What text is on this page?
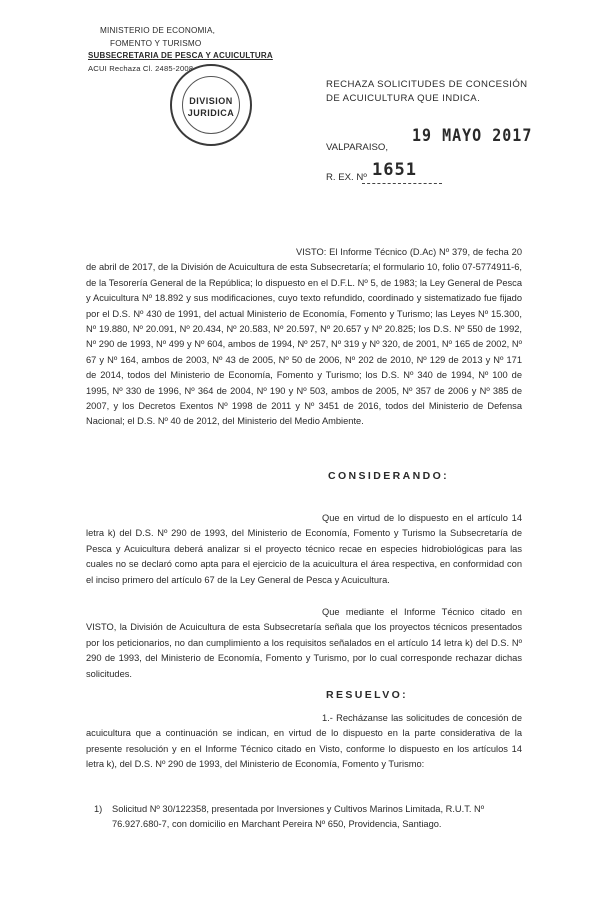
MINISTERIO DE ECONOMIA,
FOMENTO Y TURISMO
SUBSECRETARIA DE PESCA Y ACUICULTURA
ACUI Rechaza Cl. 2485-2008
DIVISION
JURIDICA
RECHAZA SOLICITUDES DE CONCESIÓN DE ACUICULTURA QUE INDICA.
19 MAYO 2017
VALPARAISO,
1651
R. EX. Nº
VISTO: El Informe Técnico (D.Ac) Nº 379, de fecha 20 de abril de 2017, de la División de Acuicultura de esta Subsecretaría; el formulario 10, folio 07-5774911-6, de la Tesorería General de la República; lo dispuesto en el D.F.L. Nº 5, de 1983; la Ley General de Pesca y Acuicultura Nº 18.892 y sus modificaciones, cuyo texto refundido, coordinado y sistematizado fue fijado por el D.S. Nº 430 de 1991, del actual Ministerio de Economía, Fomento y Turismo; las Leyes Nº 15.300, Nº 19.880, Nº 20.091, Nº 20.434, Nº 20.583, Nº 20.597, Nº 20.657 y Nº 20.825; los D.S. Nº 550 de 1992, Nº 290 de 1993, Nº 499 y Nº 604, ambos de 1994, Nº 257, Nº 319 y Nº 320, de 2001, Nº 165 de 2002, Nº 67 y Nº 164, ambos de 2003, Nº 43 de 2005, Nº 50 de 2006, Nº 202 de 2010, Nº 129 de 2013 y Nº 171 de 2014, todos del Ministerio de Economía, Fomento y Turismo; los D.S. Nº 340 de 1994, Nº 100 de 1995, Nº 330 de 1996, Nº 364 de 2004, Nº 190 y Nº 503, ambos de 2005, Nº 357 de 2006 y Nº 385 de 2007, y los Decretos Exentos Nº 1998 de 2011 y Nº 3451 de 2016, todos del Ministerio de Defensa Nacional; el D.S. Nº 40 de 2012, del Ministerio del Medio Ambiente.
CONSIDERANDO:
Que en virtud de lo dispuesto en el artículo 14 letra k) del D.S. Nº 290 de 1993, del Ministerio de Economía, Fomento y Turismo la Subsecretaría de Pesca y Acuicultura deberá analizar si el proyecto técnico recae en especies hidrobiológicas para las cuales no se declaró como apta para el ejercicio de la acuicultura el área respectiva, en conformidad con el inciso primero del artículo 67 de la Ley General de Pesca y Acuicultura.
Que mediante el Informe Técnico citado en VISTO, la División de Acuicultura de esta Subsecretaría señala que los proyectos técnicos presentados por los peticionarios, no dan cumplimiento a los requisitos señalados en el artículo 14 letra k) del D.S. Nº 290 de 1993, del Ministerio de Economía, Fomento y Turismo, por lo cual corresponde rechazar dichas solicitudes.
RESUELVO:
1.- Recházanse las solicitudes de concesión de acuicultura que a continuación se indican, en virtud de lo dispuesto en la parte considerativa de la presente resolución y en el Informe Técnico citado en Visto, conforme lo dispuesto en los artículos 14 letra k), del D.S. Nº 290 de 1993, del Ministerio de Economía, Fomento y Turismo:
1) Solicitud Nº 30/122358, presentada por Inversiones y Cultivos Marinos Limitada, R.U.T. Nº 76.927.680-7, con domicilio en Marchant Pereira Nº 650, Providencia, Santiago.
